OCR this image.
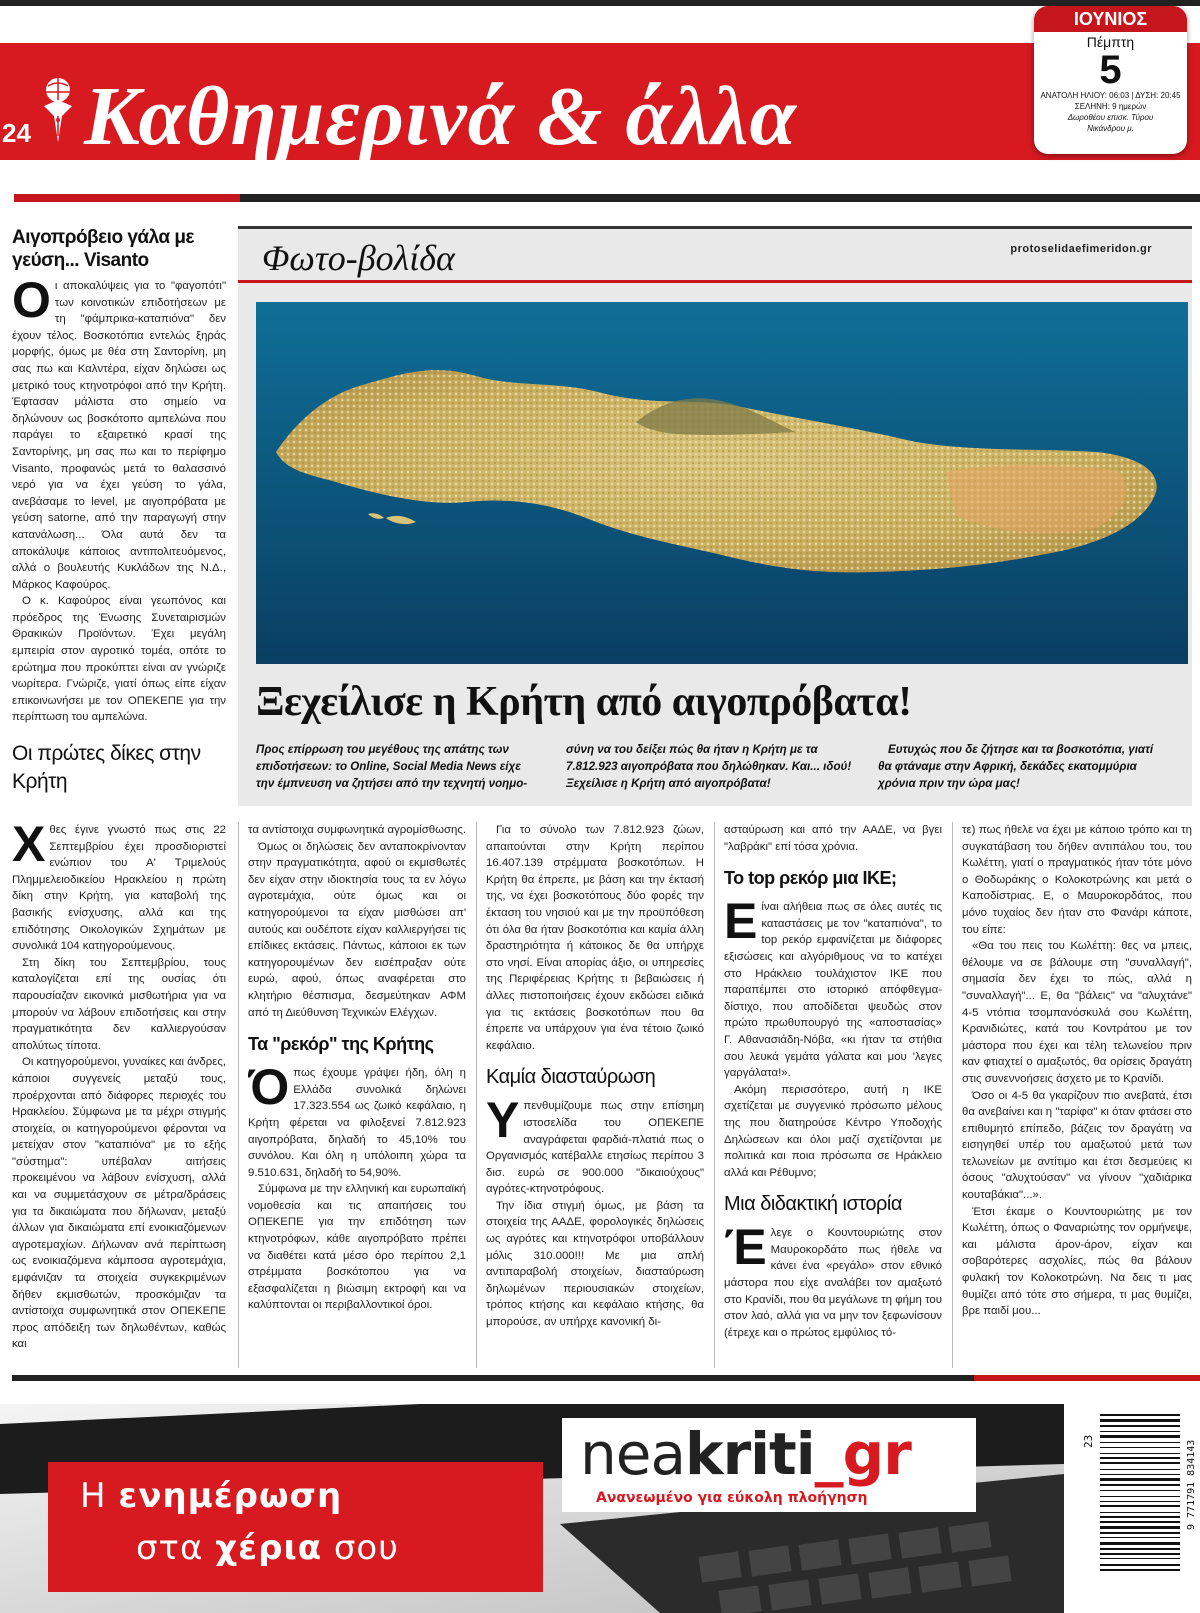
24 Καθημερινά & άλλα
ΙΟΥΝΙΟΣ
Πέμπτη
5
ΑΝΑΤΟΛΗ ΗΛΙΟΥ: 06:03 | ΔΥΣΗ: 20:45
ΣΕΛΗΝΗ: 9 ημερών
Δωροθέου επισκ. Τύρου
Νικάνδρου μ.
Αιγοπρόβειο γάλα με γεύση... Visanto
Οι αποκαλύψεις για το "φαγοπότι" των κοινοτικών επιδοτήσεων με τη "φάμπρικα-καταπιόνα" δεν έχουν τέλος. Βοσκοτόπια εντελώς ξηράς μορφής, όμως με θέα στη Σαντορίνη, μη σας πω και Καλντέρα, είχαν δηλώσει ως μετρικό τους κτηνοτρόφοι από την Κρήτη. Έφτασαν μάλιστα στο σημείο να δηλώνουν ως βοσκότοπο αμπελώνα που παράγει το εξαιρετικό κρασί της Σαντορίνης, μη σας πω και το περίφημο Visanto, προφανώς μετά το θαλασσινό νερό για να έχει γεύση το γάλα, ανεβάσαμε το level, με αιγοπρόβατα με γεύση satorne, από την παραγωγή στην κατανάλωση... Όλα αυτά δεν τα αποκάλυψε κάποιος αντιπολιτευόμενος, αλλά ο βουλευτής Κυκλάδων της Ν.Δ., Μάρκος Καφούρος.
Ο κ. Καφούρος είναι γεωπόνος και πρόεδρος της Ένωσης Συνεταιρισμών Θρακικών Προϊόντων. Έχει μεγάλη εμπειρία στον αγροτικό τομέα, οπότε το ερώτημα που προκύπτει είναι αν γνώριζε νωρίτερα. Γνώριζε, γιατί όπως είπε είχαν επικοινωνήσει με τον ΟΠΕΚΕΠΕ για την περίπτωση του αμπελώνα.
Οι πρώτες δίκες στην Κρήτη
Φωτο-βολίδα	protoselidaefimeridon.gr
Ξεχείλισε η Κρήτη από αιγοπρόβατα!
Προς επίρρωση του μεγέθους της απάτης των επιδοτήσεων: το Online, Social Media News είχε την έμπνευση να ζητήσει από την τεχνητή νοημο-
σύνη να του δείξει πώς θα ήταν η Κρήτη με τα 7.812.923 αιγοπρόβατα που δηλώθηκαν. Και... ιδού! Ξεχείλισε η Κρήτη από αιγοπρόβατα!
Ευτυχώς που δε ζήτησε και τα βοσκοτόπια, γιατί θα φτάναμε στην Αφρική, δεκάδες εκατομμύρια χρόνια πριν την ώρα μας!
Χθες έγινε γνωστό πως στις 22 Σεπτεμβρίου έχει προσδιοριστεί ενώπιον του Α' Τριμελούς Πλημμελειοδικείου Ηρακλείου η πρώτη δίκη στην Κρήτη, για καταβολή της βασικής ενίσχυσης, αλλά και της επιδότησης Οικολογικών Σχημάτων με συνολικά 104 κατηγορούμενους.
Στη δίκη του Σεπτεμβρίου, τους καταλογίζεται επί της ουσίας ότι παρουσίαζαν εικονικά μισθωτήρια για να μπορούν να λάβουν επιδοτήσεις και στην πραγματικότητα δεν καλλιεργούσαν απολύτως τίποτα.
Οι κατηγορούμενοι, γυναίκες και άνδρες, κάποιοι συγγενείς μεταξύ τους, προέρχονται από διάφορες περιοχές του Ηρακλείου. Σύμφωνα με τα μέχρι στιγμής στοιχεία, οι κατηγορούμενοι φέρονται να μετείχαν στον "καταπιόνα" με το εξής "σύστημα": υπέβαλαν αιτήσεις προκειμένου να λάβουν ενίσχυση, αλλά και να συμμετάσχουν σε μέτρα/δράσεις για τα δικαιώματα που δήλωναν, μεταξύ άλλων για δικαιώματα επί ενοικιαζόμενων αγροτεμαχίων. Δήλωναν ανά περίπτωση ως ενοικιαζόμενα κάμποσα αγροτεμάχια, εμφάνιζαν τα στοιχεία συγκεκριμένων δήθεν εκμισθωτών, προσκόμιζαν τα αντίστοιχα συμφωνητικά στον ΟΠΕΚΕΠΕ προς απόδειξη των δηλωθέντων, καθώς και
τα αντίστοιχα συμφωνητικά αγρομίσθωσης.
Όμως οι δηλώσεις δεν ανταποκρίνονταν στην πραγματικότητα, αφού οι εκμισθωτές δεν είχαν στην ιδιοκτησία τους τα εν λόγω αγροτεμάχια, ούτε όμως και οι κατηγορούμενοι τα είχαν μισθώσει απ' αυτούς και ουδέποτε είχαν καλλιεργήσει τις επίδικες εκτάσεις. Πάντως, κάποιοι εκ των κατηγορουμένων δεν εισέπραξαν ούτε ευρώ, αφού, όπως αναφέρεται στο κλητήριο θέσπισμα, δεσμεύτηκαν ΑΦΜ από τη Διεύθυνση Τεχνικών Ελέγχων.
Τα "ρεκόρ" της Κρήτης
Όπως έχουμε γράψει ήδη, όλη η Ελλάδα συνολικά δηλώνει 17.323.554 ως ζωικό κεφάλαιο, η Κρήτη φέρεται να φιλοξενεί 7.812.923 αιγοπρόβατα, δηλαδή το 45,10% του συνόλου. Και όλη η υπόλοιπη χώρα τα 9.510.631, δηλαδή το 54,90%.
Σύμφωνα με την ελληνική και ευρωπαϊκή νομοθεσία και τις απαιτήσεις του ΟΠΕΚΕΠΕ για την επιδότηση των κτηνοτρόφων, κάθε αιγοπρόβατο πρέπει να διαθέτει κατά μέσο όρο περίπου 2,1 στρέμματα βοσκότοπου για να εξασφαλίζεται η βιώσιμη εκτροφή και να καλύπτονται οι περιβαλλοντικοί όροι.
Για το σύνολο των 7.812.923 ζώων, απαιτούνται στην Κρήτη περίπου 16.407.139 στρέμματα βοσκοτόπων. Η Κρήτη θα έπρεπε, με βάση και την έκτασή της, να έχει βοσκοτόπους δύο φορές την έκταση του νησιού και με την προϋπόθεση ότι όλα θα ήταν βοσκοτόπια και καμία άλλη δραστηριότητα ή κάτοικος δε θα υπήρχε στο νησί. Είναι απορίας άξιο, οι υπηρεσίες της Περιφέρειας Κρήτης τι βεβαιώσεις ή άλλες πιστοποιήσεις έχουν εκδώσει ειδικά για τις εκτάσεις βοσκοτόπων που θα έπρεπε να υπάρχουν για ένα τέτοιο ζωικό κεφάλαιο.
Καμία διασταύρωση
Υπενθυμίζουμε πως στην επίσημη ιστοσελίδα του ΟΠΕΚΕΠΕ αναγράφεται φαρδιά-πλατιά πως ο Οργανισμός κατέβαλλε ετησίως περίπου 3 δισ. ευρώ σε 900.000 "δικαιούχους" αγρότες-κτηνοτρόφους.
Την ίδια στιγμή όμως, με βάση τα στοιχεία της ΑΑΔΕ, φορολογικές δηλώσεις ως αγρότες και κτηνοτρόφοι υποβάλλουν μόλις 310.000!!! Με μια απλή αντιπαραβολή στοιχείων, διασταύρωση δηλωμένων περιουσιακών στοιχείων, τρόπος κτήσης και κεφάλαιο κτήσης, θα μπορούσε, αν υπήρχε κανονική δι-
ασταύρωση και από την ΑΑΔΕ, να βγει "λαβράκι" επί τόσα χρόνια.
Το top ρεκόρ μια ΙΚΕ;
Είναι αλήθεια πως σε όλες αυτές τις καταστάσεις με τον "καταπιόνα", το top ρεκόρ εμφανίζεται με διάφορες εξισώσεις και αλγόριθμους να το κατέχει στο Ηράκλειο τουλάχιστον ΙΚΕ που παραπέμπει στο ιστορικό απόφθεγμα-δίστιχο, που αποδίδεται ψευδώς στον πρώτο πρωθυπουργό της «αποστασίας» Γ. Αθανασιάδη-Νόβα, «κι ήταν τα στήθια σου λευκά γεμάτα γάλατα και μου 'λεγες γαργάλατα!».
Ακόμη περισσότερο, αυτή η ΙΚΕ σχετίζεται με συγγενικό πρόσωπο μέλους της που διατηρούσε Κέντρο Υποδοχής Δηλώσεων και όλοι μαζί σχετίζονται με πολιτικά και ποια πρόσωπα σε Ηράκλειο αλλά και Ρέθυμνο;
Μια διδακτική ιστορία
Έλεγε ο Κουντουριώτης στον Μαυροκορδάτο πως ήθελε να κάνει ένα «ρεγάλο» στον εθνικό μάστορα που είχε αναλάβει τον αμαξωτό στο Κρανίδι, που θα μεγάλωνε τη φήμη του στον λαό, αλλά για να μην τον ξεφωνίσουν (έτρεχε και ο πρώτος εμφύλιος τό-
τε) πως ήθελε να έχει με κάποιο τρόπο και τη συγκατάβαση του δήθεν αντιπάλου του, του Κωλέττη, γιατί ο πραγματικός ήταν τότε μόνο ο Θοδωράκης ο Κολοκοτρώνης και μετά ο Καποδίστριας. Ε, ο Μαυροκορδάτος, που μόνο τυχαίος δεν ήταν στο Φανάρι κάποτε, του είπε:
«Θα του πεις του Κωλέττη: θες να μπεις, θέλουμε να σε βάλουμε στη "συναλλαγή", σημασία δεν έχει το πώς, αλλά η "συναλλαγή"... Ε, θα "βάλεις" να "αλυχτάνε" 4-5 ντόπια τσομπανόσκυλά σου Κωλέττη, Κρανιδιώτες, κατά του Κοντράτου με τον μάστορα που έχει και τέλη τελωνείου πριν καν φτιαχτεί ο αμαξωτός, θα ορίσεις δραγάτη στις συνεννοήσεις άσχετο με το Κρανίδι.
Όσο οι 4-5 θα γκαρίζουν πιο ανεβατά, έτσι θα ανεβαίνει και η "ταρίφα" κι όταν φτάσει στο επιθυμητό επίπεδο, βάζεις τον δραγάτη να εισηγηθεί υπέρ του αμαξωτού μετά των τελωνείων με αντίτιμο και έτσι δεσμεύεις κι όσους "αλυχτούσαν" να γίνουν "χαδιάρικα κουταβάκια"...».
Έτσι έκαμε ο Κουντουριώτης με τον Κωλέττη, όπως ο Φαναριώτης τον ορμήνεψε, και μάλιστα άρον-άρον, είχαν και σοβαρότερες ασχολίες, πώς θα βάλουν φυλακή τον Κολοκοτρώνη. Να δεις τι μας θυμίζει από τότε στο σήμερα, τι μας θυμίζει, βρε παιδί μου...
Η ενημέρωση
στα χέρια σου
neakriti_gr
Ανανεωμένο για εύκολη πλοήγηση	9 771791 834143
23
